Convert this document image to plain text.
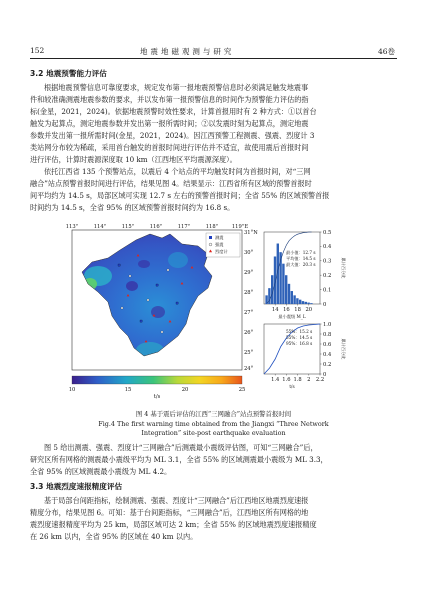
152	地 震 地 磁 观 测 与 研 究	46卷
3.2 地震预警能力评估
根据地震预警信息可靠度要求，规定发布第一报地震预警信息时必须满足触发地震事
件和较准确测震地震参数的要求，并以发布第一报预警信息的时间作为预警能力评估的指
标(金星，2021，2024)。依据地震预警时效性要求，计算首报用时有 2 种方式：①以首台
触发为起算点，测定地震参数并发出第一报所需时间；②以发震时刻为起算点，测定地震
参数并发出第一报所需时间(金星，2021，2024)。因江西预警工程测震、强震、烈度计 3
类站网分布较为稀疏，采用首台触发的首报时间进行评估并不适宜，故使用震后首报时间
进行评估，计算时震源深度取 10 km（江西地区平均震源深度）。
依托江西省 135 个预警站点，以震后 4 个站点的平均触发时间为首报时间，对“三网
融合”站点预警首报时间进行评估，结果见图 4。结果显示：江西省所有区域的预警首报时
间平均约为 14.5 s，局部区域可实现 12.7 s 左右的预警首报时间；全省 55% 的区域预警首报
时间约为 14.5 s，全省 95% 的区域预警首报时间约为 16.8 s。
测震
强震
烈度计
113°	114°	115°	116°	117°	118°	119°E
31°N
30°
29°
28°
27°
26°
25°
24°
10	15	20	25
t/s
14 16 18 20
最小震级 M_L
0
0.1
0.2
0.3
0.4
0.5
累计百分比
最小值：12.7 s
平均值：14.5 s
最大值：20.3 s
1.4 1.6 1.8 2 2.2
t/s
0
0.2
0.4
0.6
0.8
1.0
累计百分比
55%：15.2 s
55%：14.5 s
95%：16.8 s
图 4 基于震后评估的江西“三网融合”站点预警首报时间
Fig.4 The first warning time obtained from the Jiangxi “Three Network
Integration” site-post earthquake evaluation
图 5 给出测震、强震、烈度计“三网融合”后测震最小震级评估图，可知“三网融合”后，
研究区所有网格的测震最小震级平均为 ML 3.1，全省 55% 的区域测震最小震级为 ML 3.3，
全省 95% 的区域测震最小震级为 ML 4.2。
3.3 地震烈度速报精度评估
基于局部台间距指标，绘制测震、强震、烈度计“三网融合”后江西地区地震烈度速报
精度分布，结果见图 6。可知：基于台间距指标，“三网融合”后，江西地区所有网格的地
震烈度速报精度平均为 25 km，局部区域可达 2 km；全省 55% 的区域地震烈度速报精度
在 26 km 以内，全省 95% 的区域在 40 km 以内。
